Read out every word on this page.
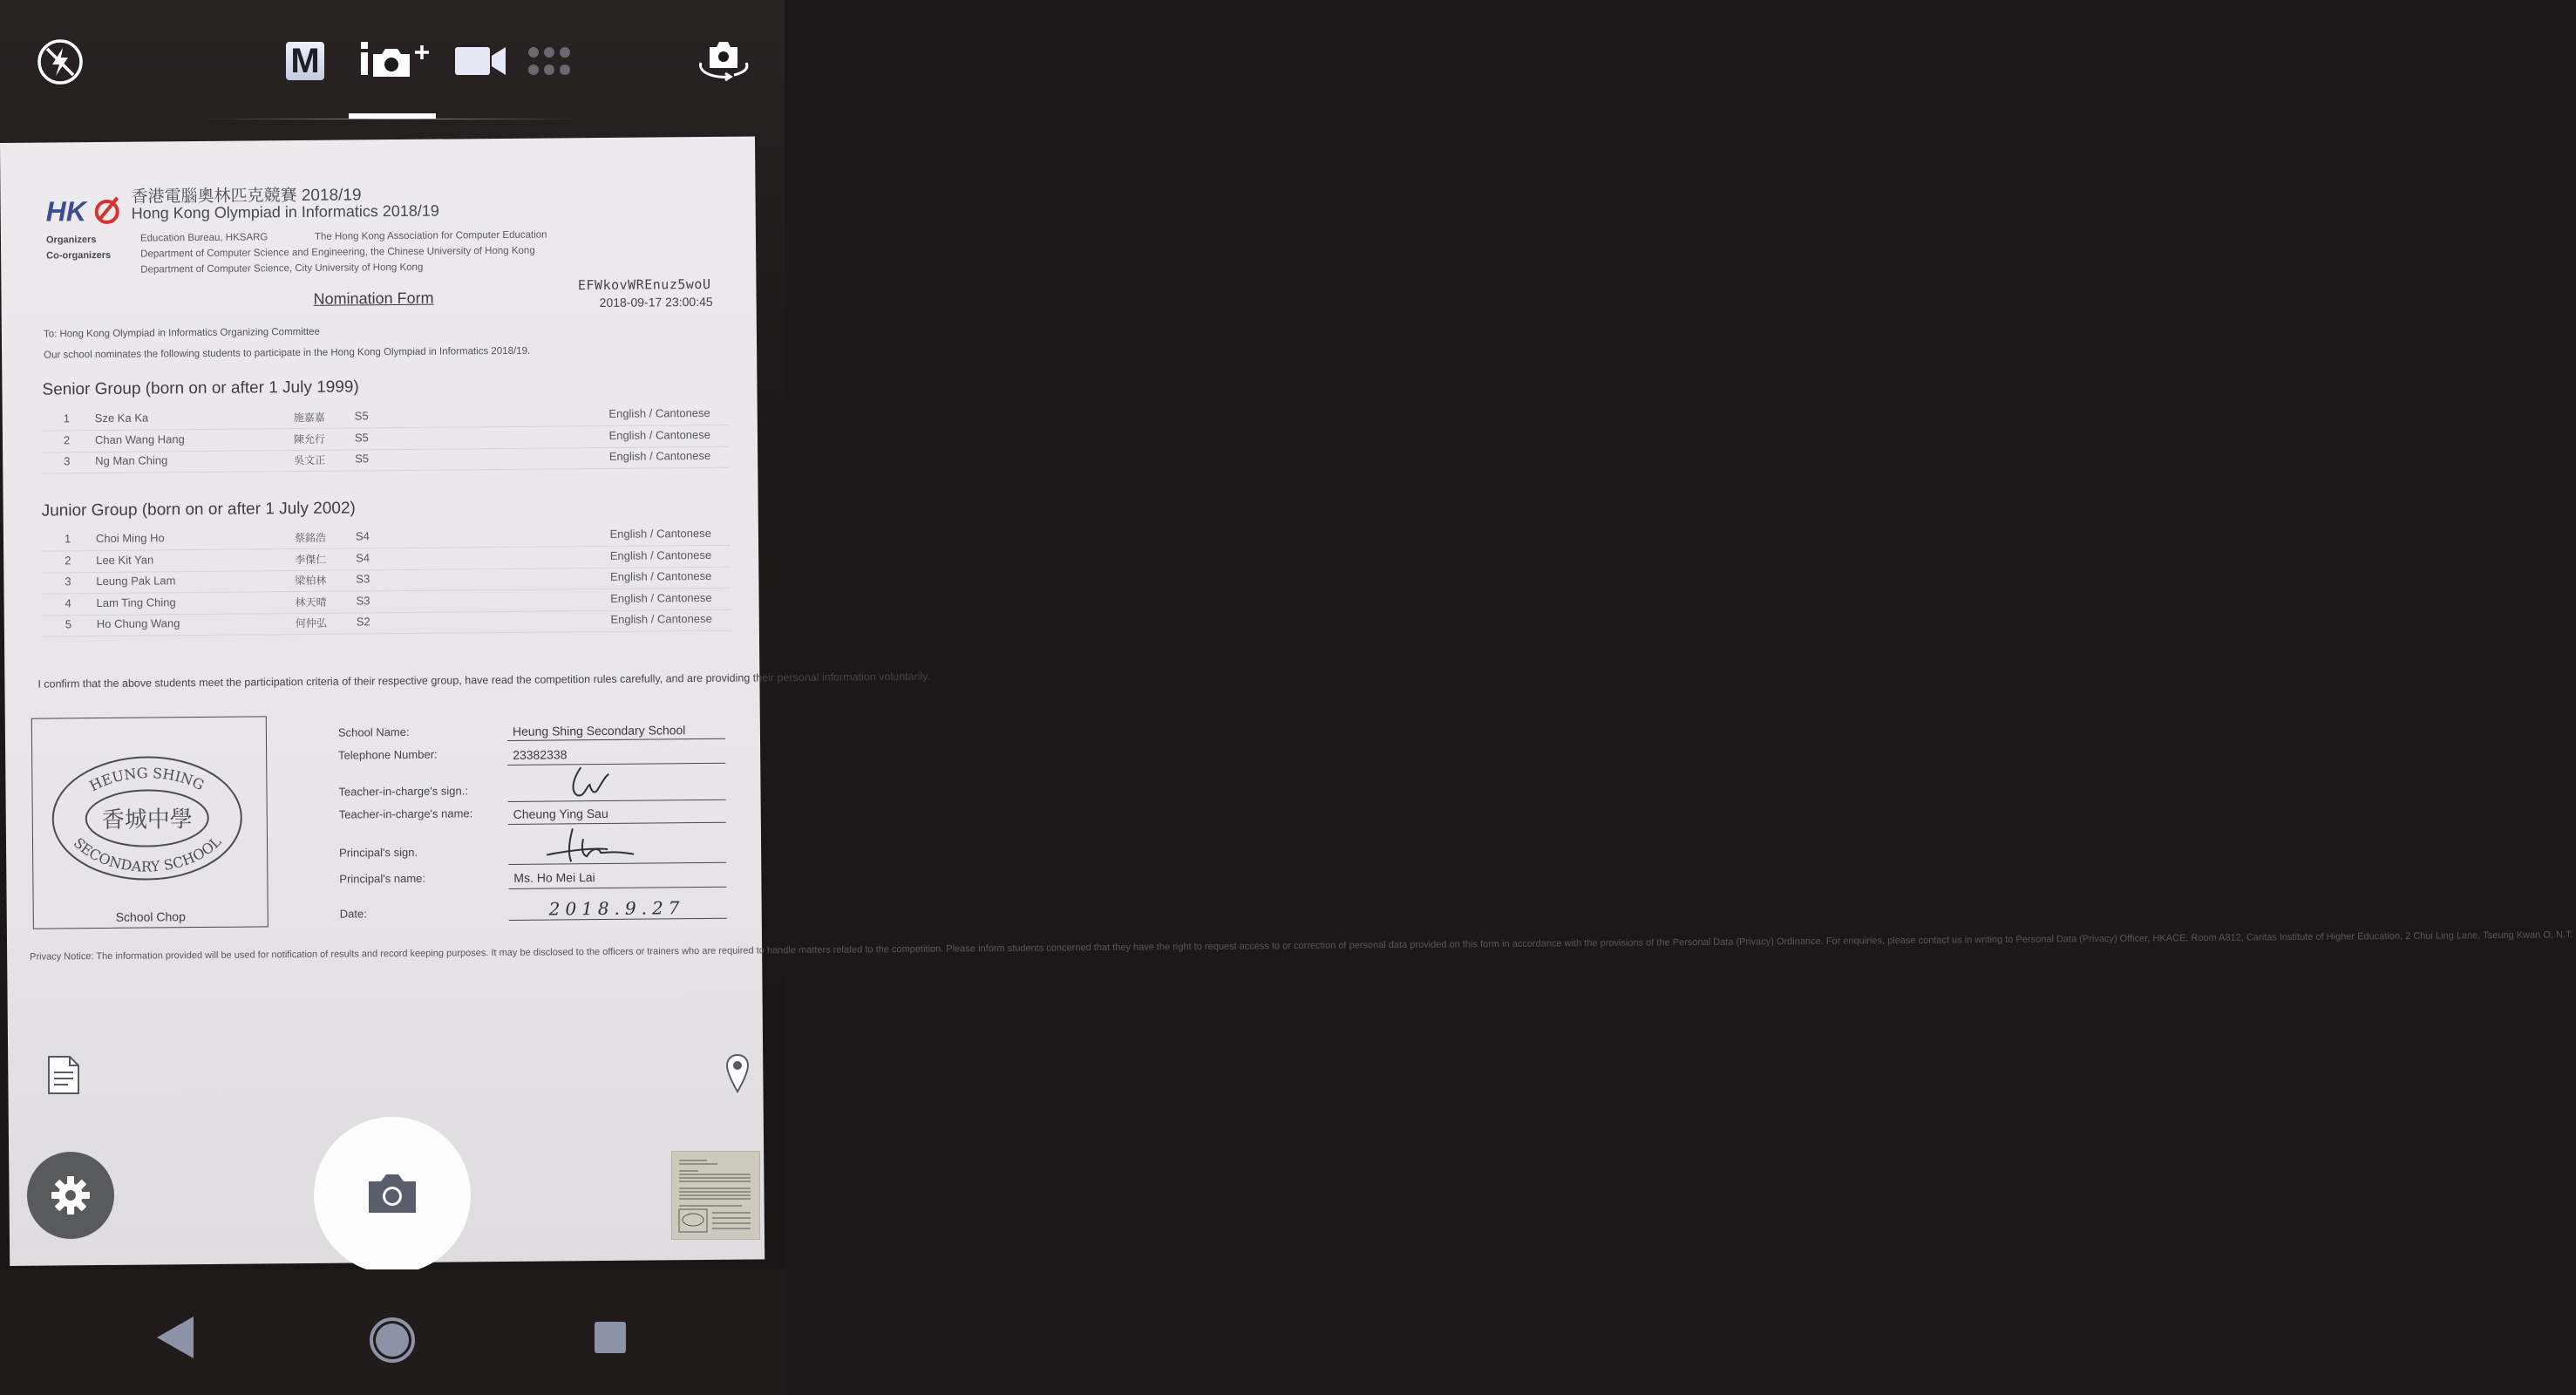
HK	香港電腦奧林匹克競賽 2018/19
Hong Kong Olympiad in Informatics 2018/19
Organizers
Co-organizers
Education Bureau, HKSARG	The Hong Kong Association for Computer Education
Department of Computer Science and Engineering, the Chinese University of Hong Kong
Department of Computer Science, City University of Hong Kong
EFWkovWREnuz5woU
2018-09-17 23:00:45
Nomination Form
To: Hong Kong Olympiad in Informatics Organizing Committee
Our school nominates the following students to participate in the Hong Kong Olympiad in Informatics 2018/19.
Senior Group (born on or after 1 July 1999)
1 Sze Ka Ka	施嘉嘉	S5	English / Cantonese
2 Chan Wang Hang	陳允行	S5	English / Cantonese
3 Ng Man Ching	吳文正	S5	English / Cantonese
Junior Group (born on or after 1 July 2002)
1 Choi Ming Ho	蔡銘浩	S4	English / Cantonese
2 Lee Kit Yan	李傑仁	S4	English / Cantonese
3 Leung Pak Lam	梁柏林	S3	English / Cantonese
4 Lam Ting Ching	林天晴	S3	English / Cantonese
5 Ho Chung Wang	何仲弘	S2	English / Cantonese
I confirm that the above students meet the participation criteria of their respective group, have read the competition rules carefully, and are providing their personal information voluntarily.
HEUNG SHING
SECONDARY SCHOOL
香城中學
School Chop
School Name:	Heung Shing Secondary School
Telephone Number:	23382338
Teacher-in-charge's sign.:
Teacher-in-charge's name:	Cheung Ying Sau
Principal's sign.
Principal's name:	Ms. Ho Mei Lai
Date:	2018.9.27
Privacy Notice: The information provided will be used for notification of results and record keeping purposes. It may be disclosed to the officers or trainers who are required to handle matters related to the competition. Please inform students concerned that they have the right to request access to or correction of personal data provided on this form in accordance with the provisions of the Personal Data (Privacy) Ordinance. For enquiries, please contact us in writing to Personal Data (Privacy) Officer, HKACE, Room A812, Caritas Institute of Higher Education, 2 Chui Ling Lane, Tseung Kwan O, N.T.
M
